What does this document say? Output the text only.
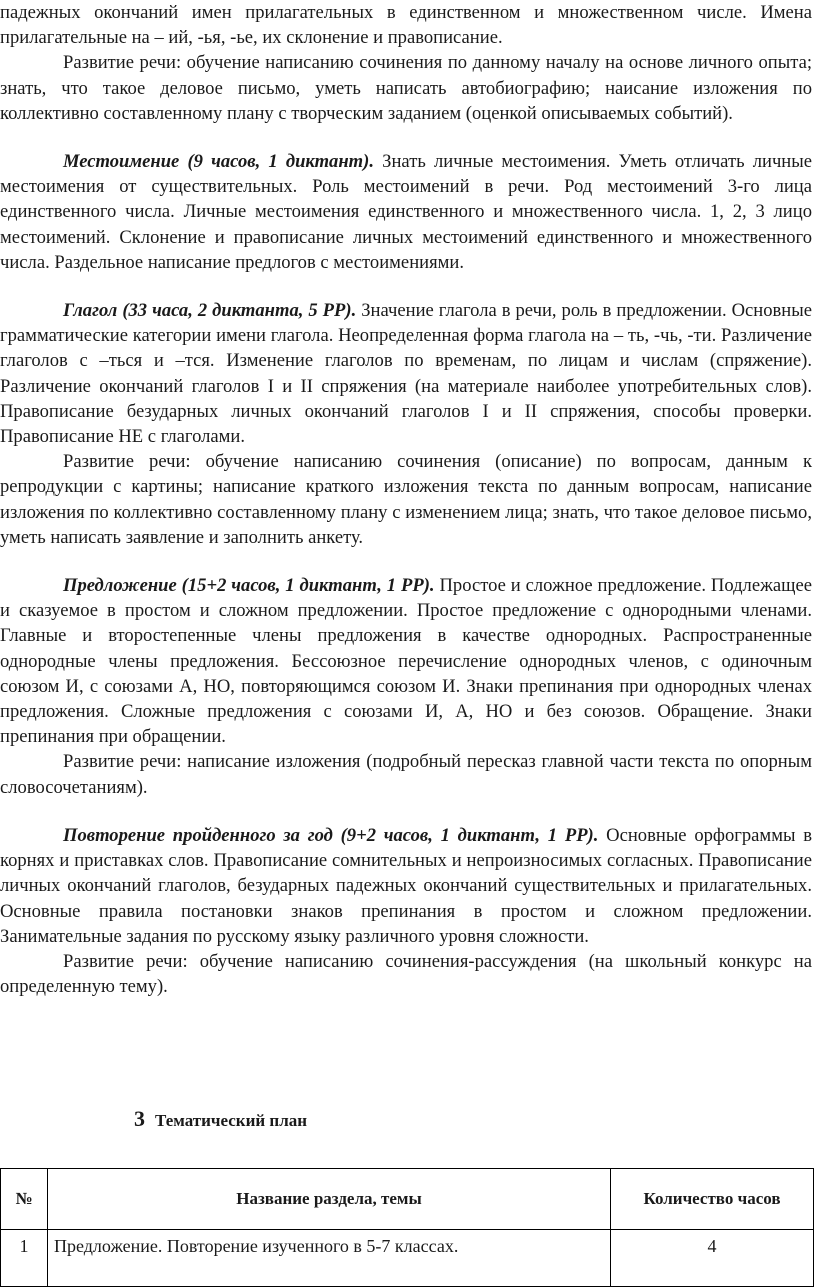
падежных окончаний имен прилагательных в единственном и множественном числе. Имена прилагательные на – ий, -ья, -ье, их склонение и правописание.

Развитие речи: обучение написанию сочинения по данному началу на основе личного опыта; знать, что такое деловое письмо, уметь написать автобиографию; наисание изложения по коллективно составленному плану с творческим заданием (оценкой описываемых событий).

Местоимение (9 часов, 1 диктант). Знать личные местоимения. Уметь отличать личные местоимения от существительных. Роль местоимений в речи. Род местоимений 3-го лица единственного числа. Личные местоимения единственного и множественного числа. 1, 2, 3 лицо местоимений. Склонение и правописание личных местоимений единственного и множественного числа. Раздельное написание предлогов с местоимениями.

Глагол (33 часа, 2 диктанта, 5 РР). Значение глагола в речи, роль в предложении. Основные грамматические категории имени глагола. Неопределенная форма глагола на – ть, -чь, -ти. Различение глаголов с –ться и –тся. Изменение глаголов по временам, по лицам и числам (спряжение). Различение окончаний глаголов I и II спряжения (на материале наиболее употребительных слов). Правописание безударных личных окончаний глаголов I и II спряжения, способы проверки. Правописание НЕ с глаголами.

Развитие речи: обучение написанию сочинения (описание) по вопросам, данным к репродукции с картины; написание краткого изложения текста по данным вопросам, написание изложения по коллективно составленному плану с изменением лица; знать, что такое деловое письмо, уметь написать заявление и заполнить анкету.

Предложение (15+2 часов, 1 диктант, 1 РР). Простое и сложное предложение. Подлежащее и сказуемое в простом и сложном предложении. Простое предложение с однородными членами. Главные и второстепенные члены предложения в качестве однородных. Распространенные однородные члены предложения. Бессоюзное перечисление однородных членов, с одиночным союзом И, с союзами А, НО, повторяющимся союзом И. Знаки препинания при однородных членах предложения. Сложные предложения с союзами И, А, НО и без союзов. Обращение. Знаки препинания при обращении.

Развитие речи: написание изложения (подробный пересказ главной части текста по опорным словосочетаниям).

Повторение пройденного за год (9+2 часов, 1 диктант, 1 РР). Основные орфограммы в корнях и приставках слов. Правописание сомнительных и непроизносимых согласных. Правописание личных окончаний глаголов, безударных падежных окончаний существительных и прилагательных. Основные правила постановки знаков препинания в простом и сложном предложении. Занимательные задания по русскому языку различного уровня сложности.

Развитие речи: обучение написанию сочинения-рассуждения (на школьный конкурс на определенную тему).

3 Тематический план
№	Название раздела, темы	Количество часов
1	Предложение. Повторение изученного в 5-7 классах.	4
